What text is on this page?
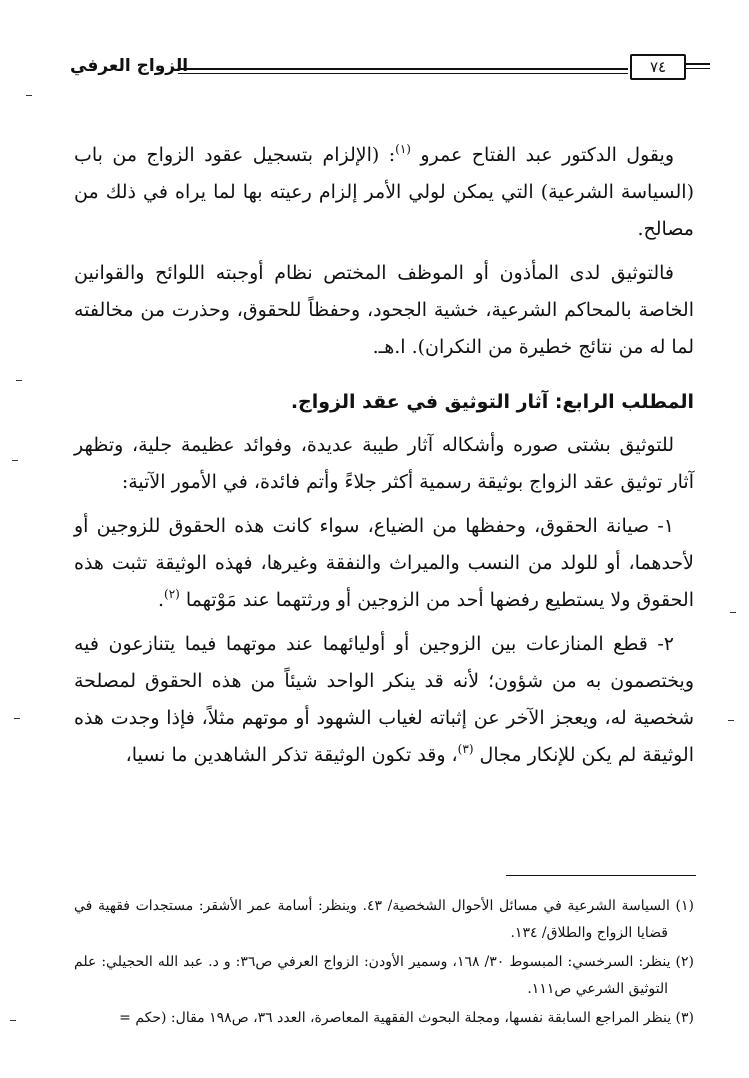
الزواج العرفي	٧٤

ويقول الدكتور عبد الفتاح عمرو $^{(١)}$: (الإلزام بتسجيل عقود الزواج من باب (السياسة الشرعية) التي يمكن لولي الأمر إلزام رعيته بها لما يراه في ذلك من مصالح.

فالتوثيق لدى المأذون أو الموظف المختص نظام أوجبته اللوائح والقوانين الخاصة بالمحاكم الشرعية، خشية الجحود، وحفظاً للحقوق، وحذرت من مخالفته لما له من نتائج خطيرة من النكران). ا.هـ.

المطلب الرابع: آثار التوثيق في عقد الزواج.

للتوثيق بشتى صوره وأشكاله آثار طيبة عديدة، وفوائد عظيمة جلية، وتظهر آثار توثيق عقد الزواج بوثيقة رسمية أكثر جلاءً وأتم فائدة، في الأمور الآتية:

١- صيانة الحقوق، وحفظها من الضياع، سواء كانت هذه الحقوق للزوجين أو لأحدهما، أو للولد من النسب والميراث والنفقة وغيرها، فهذه الوثيقة تثبت هذه الحقوق ولا يستطيع رفضها أحد من الزوجين أو ورثتهما عند مَوْتهما $^{(٢)}$.

٢- قطع المنازعات بين الزوجين أو أوليائهما عند موتهما فيما يتنازعون فيه ويختصمون به من شؤون؛ لأنه قد ينكر الواحد شيئاً من هذه الحقوق لمصلحة شخصية له، ويعجز الآخر عن إثباته لغياب الشهود أو موتهم مثلاً، فإذا وجدت هذه الوثيقة لم يكن للإنكار مجال $^{(٣)}$، وقد تكون الوثيقة تذكر الشاهدين ما نسيا،

(١) السياسة الشرعية في مسائل الأحوال الشخصية/ ٤٣. وينظر: أسامة عمر الأشقر: مستجدات فقهية في قضايا الزواج والطلاق/ ١٣٤.

(٢) ينظر: السرخسي: المبسوط ٣٠/ ١٦٨، وسمير الأودن: الزواج العرفي ص٣٦: و د. عبد الله الحجيلي: علم التوثيق الشرعي ص١١١.

(٣) ينظر المراجع السابقة نفسها، ومجلة البحوث الفقهية المعاصرة، العدد ٣٦، ص١٩٨ مقال: (حكم =
